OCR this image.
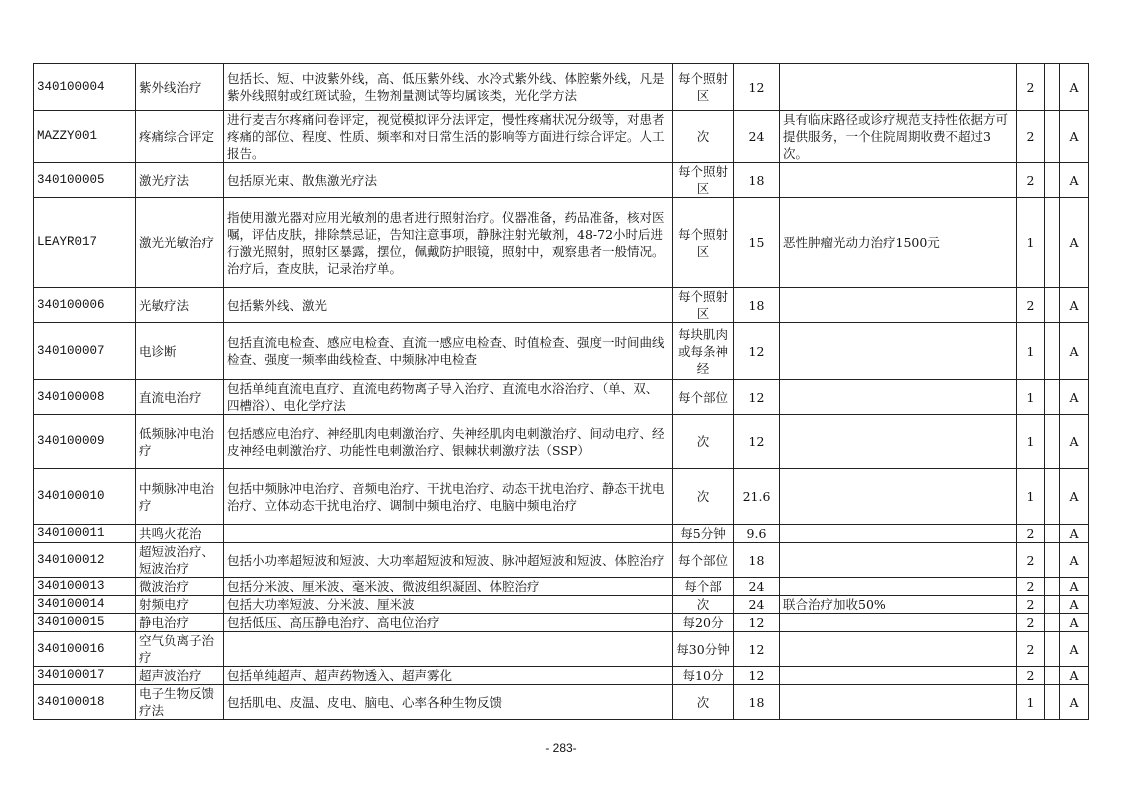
340100004	紫外线治疗	包括长、短、中波紫外线，高、低压紫外线、水冷式紫外线、体腔紫外线，凡是紫外线照射或红斑试验，生物剂量测试等均属该类，光化学方法	每个照射区	12		2		A
MAZZY001	疼痛综合评定	进行麦吉尔疼痛问卷评定，视觉模拟评分法评定，慢性疼痛状况分级等，对患者疼痛的部位、程度、性质、频率和对日常生活的影响等方面进行综合评定。人工报告。	次	24	具有临床路径或诊疗规范支持性依据方可提供服务，一个住院周期收费不超过3次。	2		A
340100005	激光疗法	包括原光束、散焦激光疗法	每个照射区	18		2		A
LEAYR017	激光光敏治疗	指使用激光器对应用光敏剂的患者进行照射治疗。仪器准备，药品准备，核对医嘱，评估皮肤，排除禁忌证，告知注意事项，静脉注射光敏剂，48-72小时后进行激光照射，照射区暴露，摆位，佩戴防护眼镜，照射中，观察患者一般情况。治疗后，查皮肤，记录治疗单。	每个照射区	15	恶性肿瘤光动力治疗1500元	1		A
340100006	光敏疗法	包括紫外线、激光	每个照射区	18		2		A
340100007	电诊断	包括直流电检查、感应电检查、直流一感应电检查、时值检查、强度一时间曲线检查、强度一频率曲线检查、中频脉冲电检查	每块肌肉或每条神经	12		1		A
340100008	直流电治疗	包括单纯直流电直疗、直流电药物离子导入治疗、直流电水浴治疗、（单、双、四槽浴）、电化学疗法	每个部位	12		1		A
340100009	低频脉冲电治疗	包括感应电治疗、神经肌肉电刺激治疗、失神经肌肉电刺激治疗、间动电疗、经皮神经电刺激治疗、功能性电刺激治疗、银棘状刺激疗法（SSP）	次	12		1		A
340100010	中频脉冲电治疗	包括中频脉冲电治疗、音频电治疗、干扰电治疗、动态干扰电治疗、静态干扰电治疗、立体动态干扰电治疗、调制中频电治疗、电脑中频电治疗	次	21.6		1		A
340100011	共鸣火花治		每5分钟	9.6		2		A
340100012	超短波治疗、短波治疗	包括小功率超短波和短波、大功率超短波和短波、脉冲超短波和短波、体腔治疗	每个部位	18		2		A
340100013	微波治疗	包括分米波、厘米波、毫米波、微波组织凝固、体腔治疗	每个部	24		2		A
340100014	射频电疗	包括大功率短波、分米波、厘米波	次	24	联合治疗加收50%	2		A
340100015	静电治疗	包括低压、高压静电治疗、高电位治疗	每20分	12		2		A
340100016	空气负离子治疗		每30分钟	12		2		A
340100017	超声波治疗	包括单纯超声、超声药物透入、超声雾化	每10分	12		2		A
340100018	电子生物反馈疗法	包括肌电、皮温、皮电、脑电、心率各种生物反馈	次	18		1		A
- 283-
